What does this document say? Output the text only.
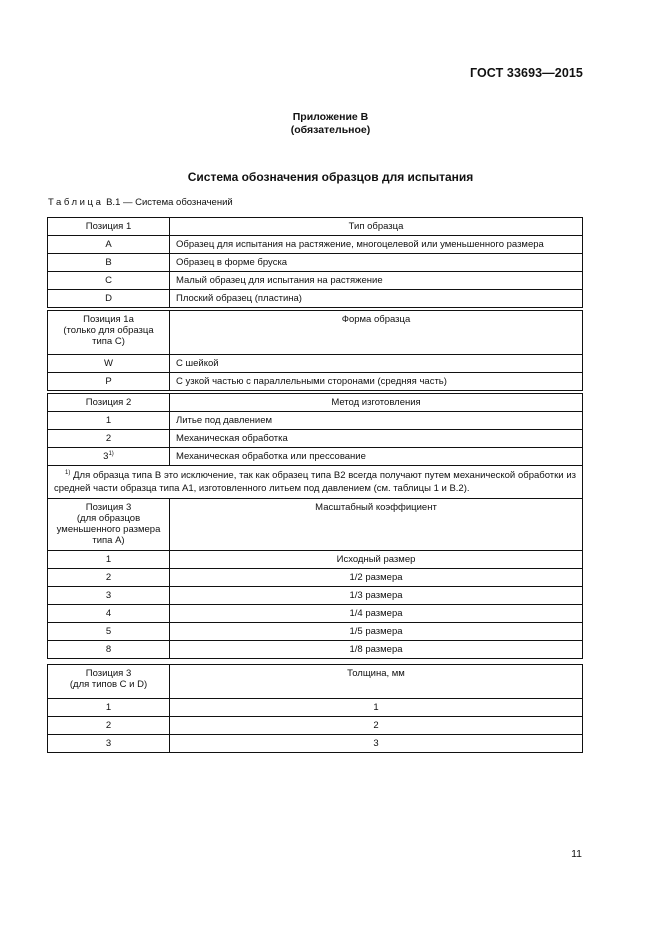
ГОСТ 33693—2015
Приложение В
(обязательное)
Система обозначения образцов для испытания
Таблица В.1 — Система обозначений
Позиция 1	Тип образца
A	Образец для испытания на растяжение, многоцелевой или уменьшенного размера
B	Образец в форме бруска
C	Малый образец для испытания на растяжение
D	Плоский образец (пластина)
Позиция 1а
(только для образца
типа С)	Форма образца
W	С шейкой
P	С узкой частью с параллельными сторонами (средняя часть)
Позиция 2	Метод изготовления
1	Литье под давлением
2	Механическая обработка
3$^{1)}$	Механическая обработка или прессование
$^{1)}$ Для образца типа В это исключение, так как образец типа В2 всегда получают путем механической обработки из средней части образца типа А1, изготовленного литьем под давлением (см. таблицы 1 и В.2).	
Позиция 3
(для образцов
уменьшенного размера
типа А)	Масштабный коэффициент
1	Исходный размер
2	1/2 размера
3	1/3 размера
4	1/4 размера
5	1/5 размера
8	1/8 размера
Позиция 3
(для типов С и D)	Толщина, мм
1	1
2	2
3	3
11
